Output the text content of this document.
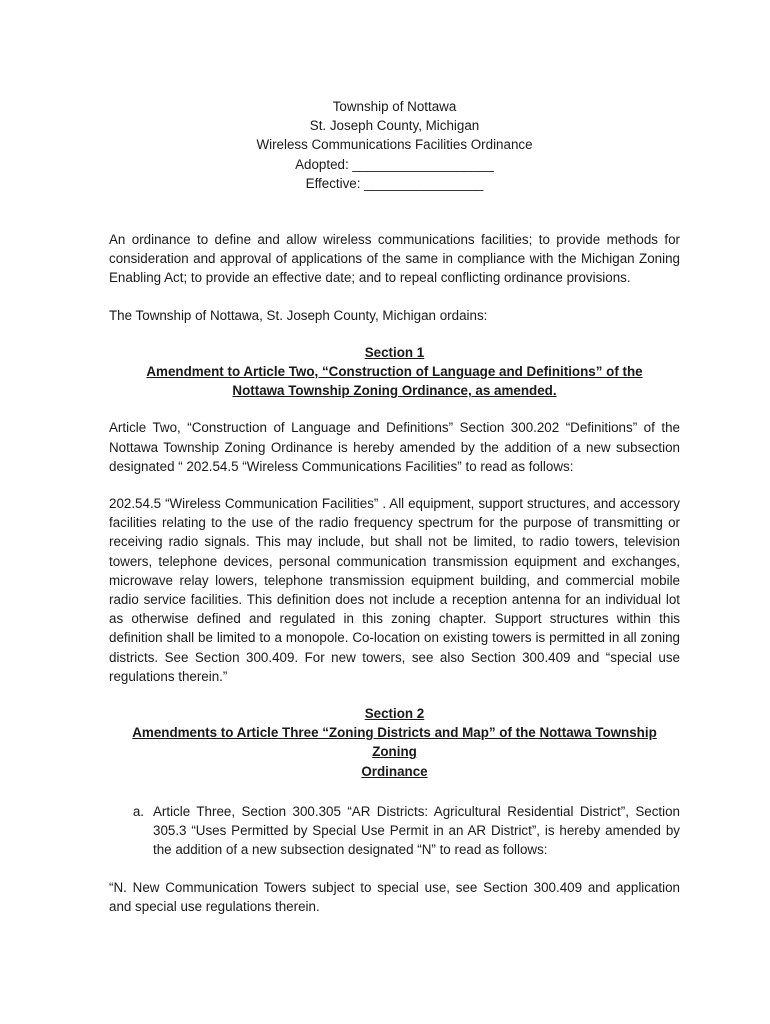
Township of Nottawa

St. Joseph County, Michigan

Wireless Communications Facilities Ordinance

Adopted: ___________________

Effective: ________________

An ordinance to define and allow wireless communications facilities; to provide methods for consideration and approval of applications of the same in compliance with the Michigan Zoning Enabling Act; to provide an effective date; and to repeal conflicting ordinance provisions.

The Township of Nottawa, St. Joseph County, Michigan ordains:

Section 1

Amendment to Article Two, “Construction of Language and Definitions” of the

Nottawa Township Zoning Ordinance, as amended.

Article Two, “Construction of Language and Definitions” Section 300.202 “Definitions” of the Nottawa Township Zoning Ordinance is hereby amended by the addition of a new subsection designated “ 202.54.5 “Wireless Communications Facilities” to read as follows:

202.54.5 “Wireless Communication Facilities” . All equipment, support structures, and accessory facilities relating to the use of the radio frequency spectrum for the purpose of transmitting or receiving radio signals. This may include, but shall not be limited, to radio towers, television towers, telephone devices, personal communication transmission equipment and exchanges, microwave relay lowers, telephone transmission equipment building, and commercial mobile radio service facilities. This definition does not include a reception antenna for an individual lot as otherwise defined and regulated in this zoning chapter. Support structures within this definition shall be limited to a monopole. Co-location on existing towers is permitted in all zoning districts. See Section 300.409. For new towers, see also Section 300.409 and “special use regulations therein.”

Section 2

Amendments to Article Three “Zoning Districts and Map” of the Nottawa Township Zoning

Ordinance

a. Article Three, Section 300.305 “AR Districts: Agricultural Residential District”, Section 305.3 “Uses Permitted by Special Use Permit in an AR District”, is hereby amended by the addition of a new subsection designated “N” to read as follows:

“N. New Communication Towers subject to special use, see Section 300.409 and application and special use regulations therein.
